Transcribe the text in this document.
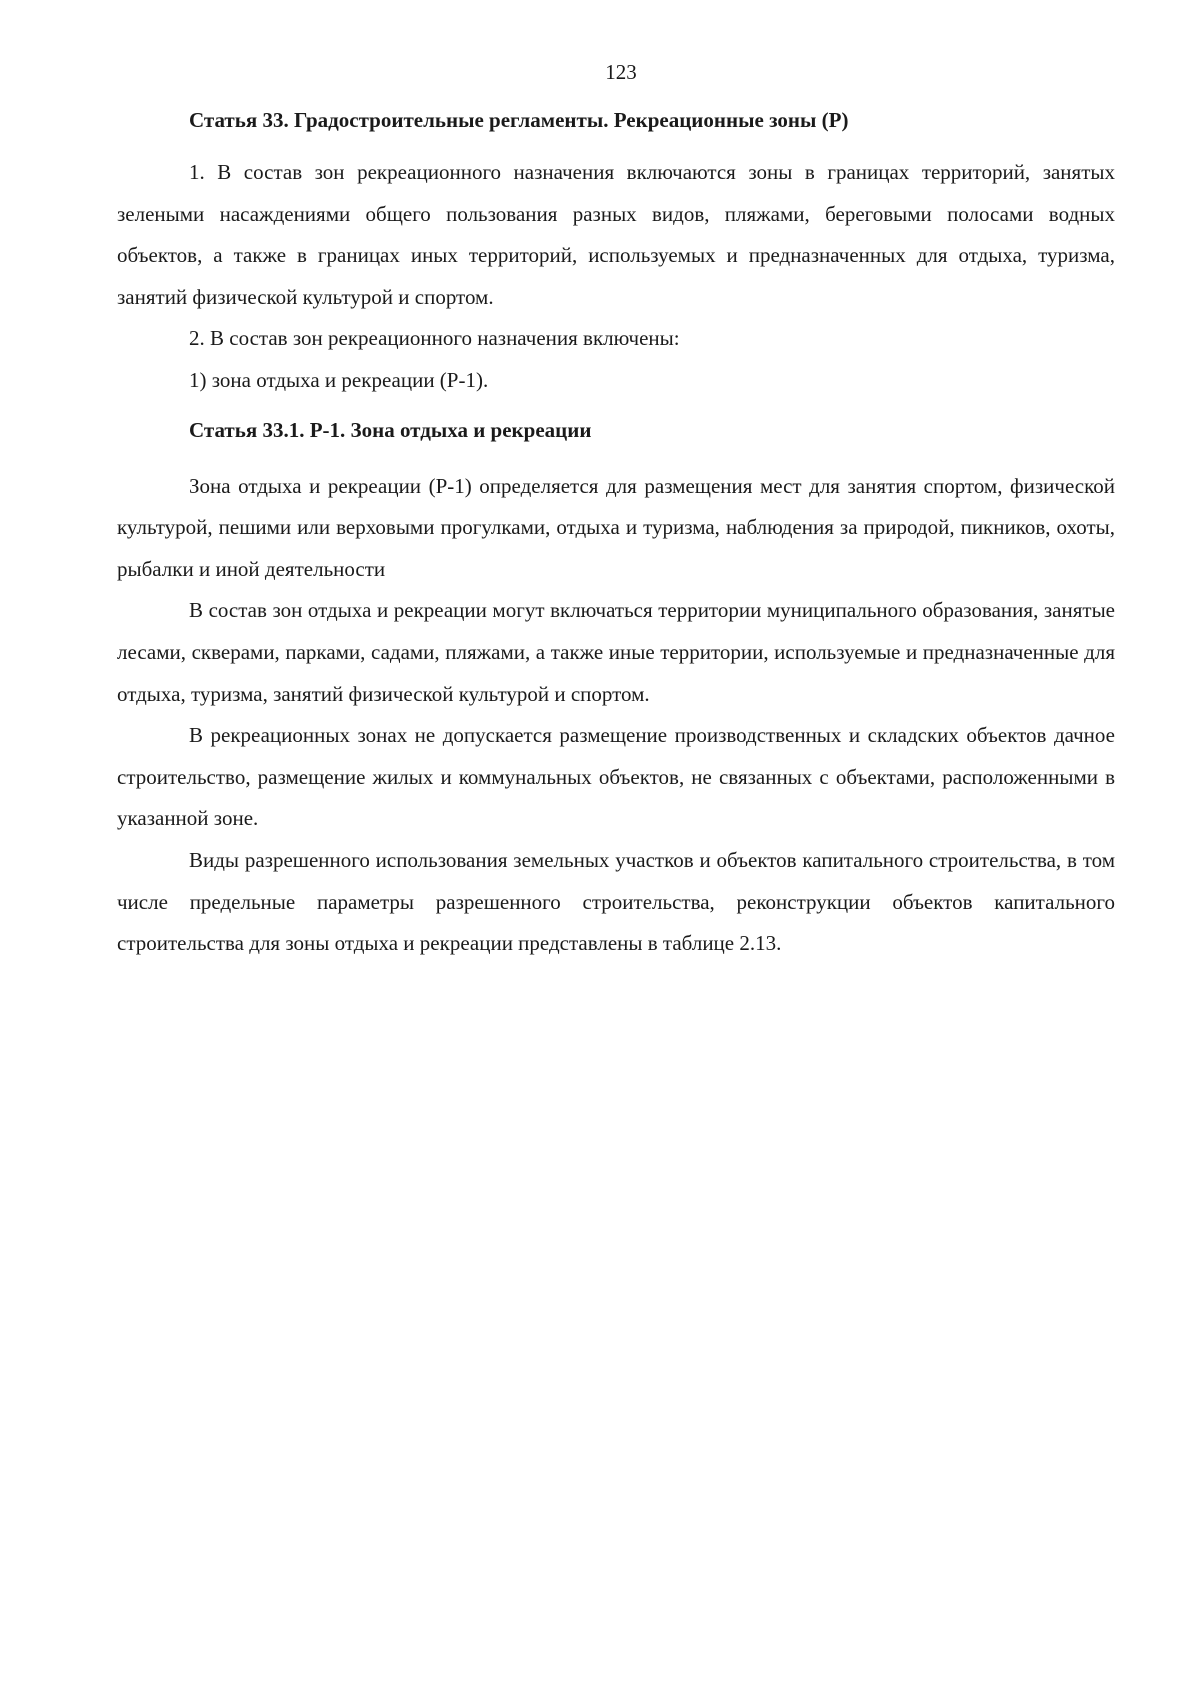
123
Статья 33. Градостроительные регламенты. Рекреационные зоны (Р)

1. В состав зон рекреационного назначения включаются зоны в границах территорий, занятых зелеными насаждениями общего пользования разных видов, пляжами, береговыми полосами водных объектов, а также в границах иных территорий, используемых и предназначенных для отдыха, туризма, занятий физической культурой и спортом.

2. В состав зон рекреационного назначения включены:

1) зона отдыха и рекреации (Р-1).

Статья 33.1. Р-1. Зона отдыха и рекреации

Зона отдыха и рекреации (Р-1) определяется для размещения мест для занятия спортом, физической культурой, пешими или верховыми прогулками, отдыха и туризма, наблюдения за природой, пикников, охоты, рыбалки и иной деятельности

В состав зон отдыха и рекреации могут включаться территории муниципального образования, занятые лесами, скверами, парками, садами, пляжами, а также иные территории, используемые и предназначенные для отдыха, туризма, занятий физической культурой и спортом.

В рекреационных зонах не допускается размещение производственных и складских объектов дачное строительство, размещение жилых и коммунальных объектов, не связанных с объектами, расположенными в указанной зоне.

Виды разрешенного использования земельных участков и объектов капитального строительства, в том числе предельные параметры разрешенного строительства, реконструкции объектов капитального строительства для зоны отдыха и рекреации представлены в таблице 2.13.
